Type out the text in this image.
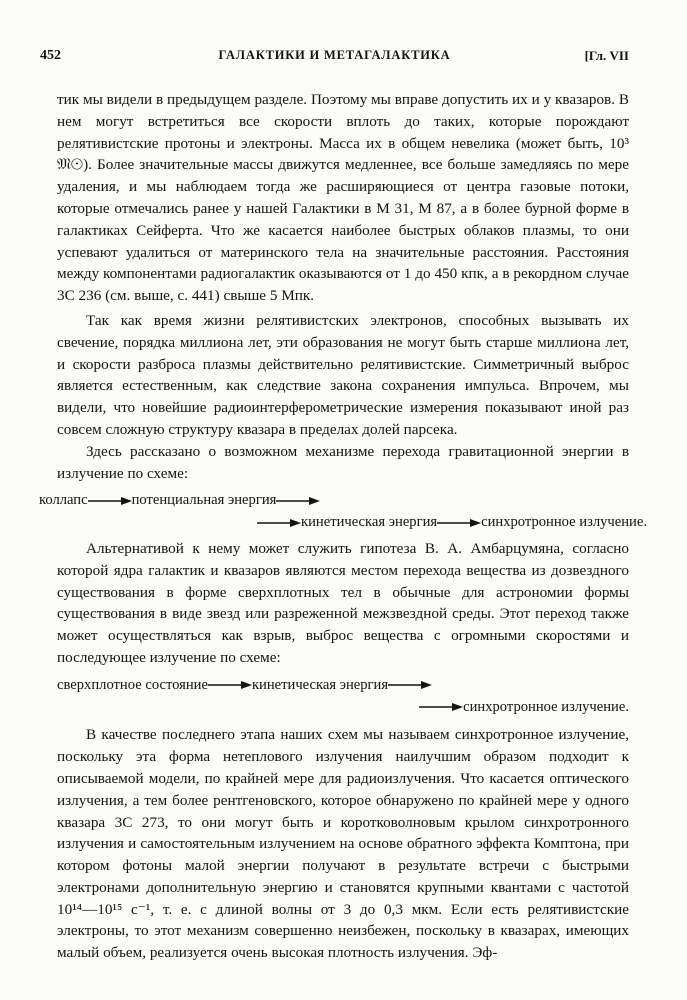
452	ГАЛАКТИКИ И МЕТАГАЛАКТИКА	[Гл. VII

тик мы видели в предыдущем разделе. Поэтому мы вправе допустить их и у квазаров. В нем могут встретиться все скорости вплоть до таких, которые порождают релятивистские протоны и электроны. Масса их в общем невелика (может быть, 10³ 𝔐☉). Более значительные массы движутся медленнее, все больше замедляясь по мере удаления, и мы наблюдаем тогда же расширяющиеся от центра газовые потоки, которые отмечались ранее у нашей Галактики в М 31, М 87, а в более бурной форме в галактиках Сейферта. Что же касается наиболее быстрых облаков плазмы, то они успевают удалиться от материнского тела на значительные расстояния. Расстояния между компонентами радиогалактик оказываются от 1 до 450 кпк, а в рекордном случае 3С 236 (см. выше, с. 441) свыше 5 Мпк.

Так как время жизни релятивистских электронов, способных вызывать их свечение, порядка миллиона лет, эти образования не могут быть старше миллиона лет, и скорости разброса плазмы действительно релятивистские. Симметричный выброс является естественным, как следствие закона сохранения импульса. Впрочем, мы видели, что новейшие радиоинтерферометрические измерения показывают иной раз совсем сложную структуру квазара в пределах долей парсека.

Здесь рассказано о возможном механизме перехода гравитационной энергии в излучение по схеме:

коллапс	потенциальная энергия
кинетическая энергия	синхротронное излучение.

Альтернативой к нему может служить гипотеза В. А. Амбарцумяна, согласно которой ядра галактик и квазаров являются местом перехода вещества из дозвездного существования в форме сверхплотных тел в обычные для астрономии формы существования в виде звезд или разреженной межзвездной среды. Этот переход также может осуществляться как взрыв, выброс вещества с огромными скоростями и последующее излучение по схеме:

сверхплотное состояние	кинетическая энергия
синхротронное излучение.

В качестве последнего этапа наших схем мы называем синхротронное излучение, поскольку эта форма нетеплового излучения наилучшим образом подходит к описываемой модели, по крайней мере для радиоизлучения. Что касается оптического излучения, а тем более рентгеновского, которое обнаружено по крайней мере у одного квазара 3С 273, то они могут быть и коротковолновым крылом синхротронного излучения и самостоятельным излучением на основе обратного эффекта Комптона, при котором фотоны малой энергии получают в результате встречи с быстрыми электронами дополнительную энергию и становятся крупными квантами с частотой 10¹⁴—10¹⁵ с⁻¹, т. е. с длиной волны от 3 до 0,3 мкм. Если есть релятивистские электроны, то этот механизм совершенно неизбежен, поскольку в квазарах, имеющих малый объем, реализуется очень высокая плотность излучения. Эф-
